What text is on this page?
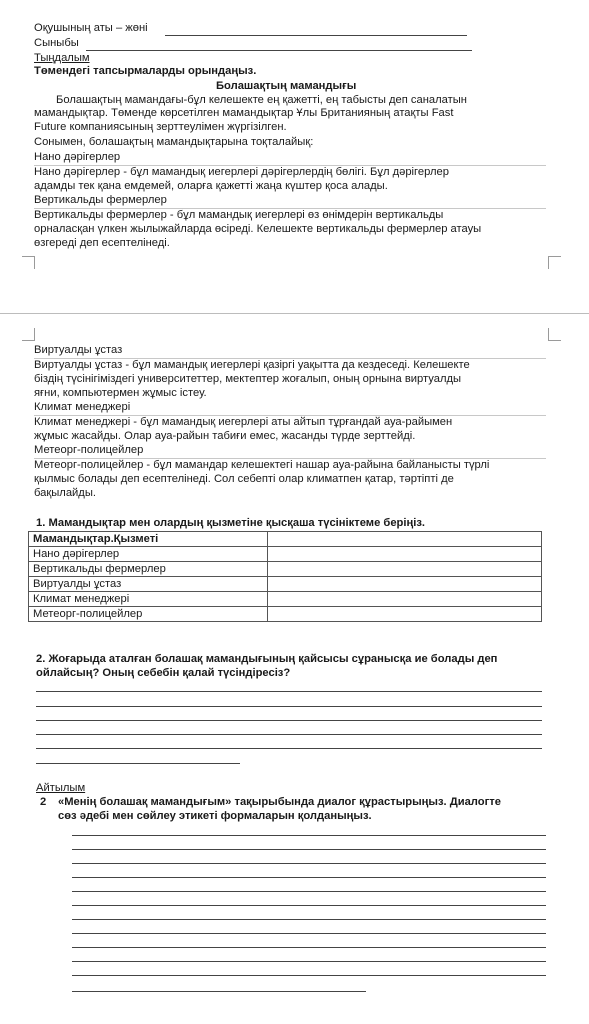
Оқушының аты – жөні
Сыныбы
Тыңдалым
Төмендегі тапсырмаларды орындаңыз.
Болашақтың мамандығы
Болашақтың мамандағы-бұл келешекте ең қажетті, ең табысты деп саналатын
мамандықтар. Төменде көрсетілген мамандықтар Ұлы Британияның атақты Fast
Future компаниясының зерттеулімен жүргізілген.
Сонымен, болашақтың мамандықтарына тоқталайық:
Нано дәрігерлер
Нано дәрігерлер - бұл мамандық иегерлері дәрігерлердің бөлігі. Бұл дәрігерлер
адамды тек қана емдемей, оларға қажетті жаңа күштер қоса алады.
Вертикальды фермерлер
Вертикальды фермерлер - бұл мамандық иегерлері өз өнімдерін вертикальды
орналасқан үлкен жылыжайларда өсіреді. Келешекте вертикальды фермерлер атауы
өзгереді деп есептелінеді.
Виртуалды ұстаз
Виртуалды ұстаз - бұл мамандық иегерлері қазіргі уақытта да кездеседі. Келешекте
біздің түсінігіміздегі университеттер, мектептер жоғалып, оның орнына виртуалды
яғни, компьютермен жұмыс істеу.
Климат менеджері
Климат менеджері - бұл мамандық иегерлері аты айтып тұрғандай ауа-райымен
жұмыс жасайды. Олар ауа-райын табиғи емес, жасанды түрде зерттейді.
Метеорг-полицейлер
Метеорг-полицейлер - бұл мамандар келешектегі нашар ауа-райына байланысты түрлі
қылмыс болады деп есептелінеді. Сол себепті олар климатпен қатар, тәртіпті де
бақылайды.
1. Мамандықтар мен олардың қызметіне қысқаша түсініктеме беріңіз.
Мамандықтар.Қызметі	
Нано дәрігерлер	
Вертикальды фермерлер	
Виртуалды ұстаз	
Климат менеджері	
Метеорг-полицейлер	
2. Жоғарыда аталған болашақ мамандығының қайсысы сұранысқа ие болады деп
ойлайсың? Оның себебін қалай түсіндіресіз?
Айтылым
2 «Менің болашақ мамандығым» тақырыбында диалог құрастырыңыз. Диалогте
сөз әдебі мен сөйлеу этикеті формаларын қолданыңыз.
